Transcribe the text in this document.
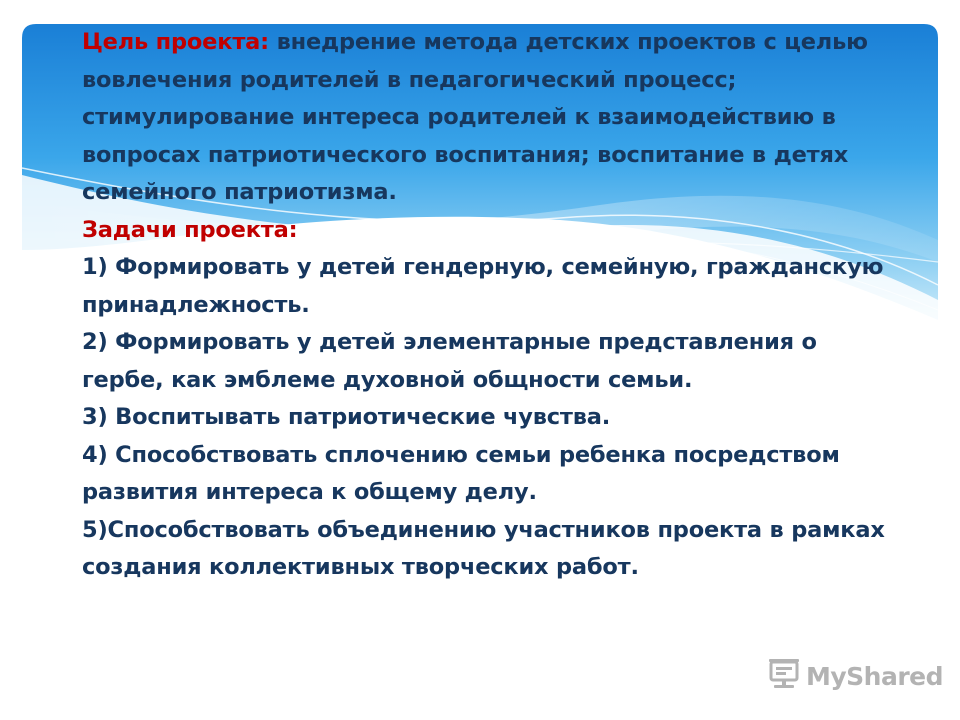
Цель проекта: внедрение метода детских проектов с целью вовлечения родителей в педагогический процесс; стимулирование интереса родителей к взаимодействию в вопросах патриотического воспитания; воспитание в детях семейного патриотизма.

Задачи проекта:

1) Формировать у детей гендерную, семейную, гражданскую принадлежность.

2) Формировать у детей элементарные представления о гербе, как эмблеме духовной общности семьи.

3) Воспитывать патриотические чувства.

4) Способствовать сплочению семьи ребенка посредством развития интереса к общему делу.

5)Способствовать объединению участников проекта в рамках создания коллективных творческих работ.

MyShared
